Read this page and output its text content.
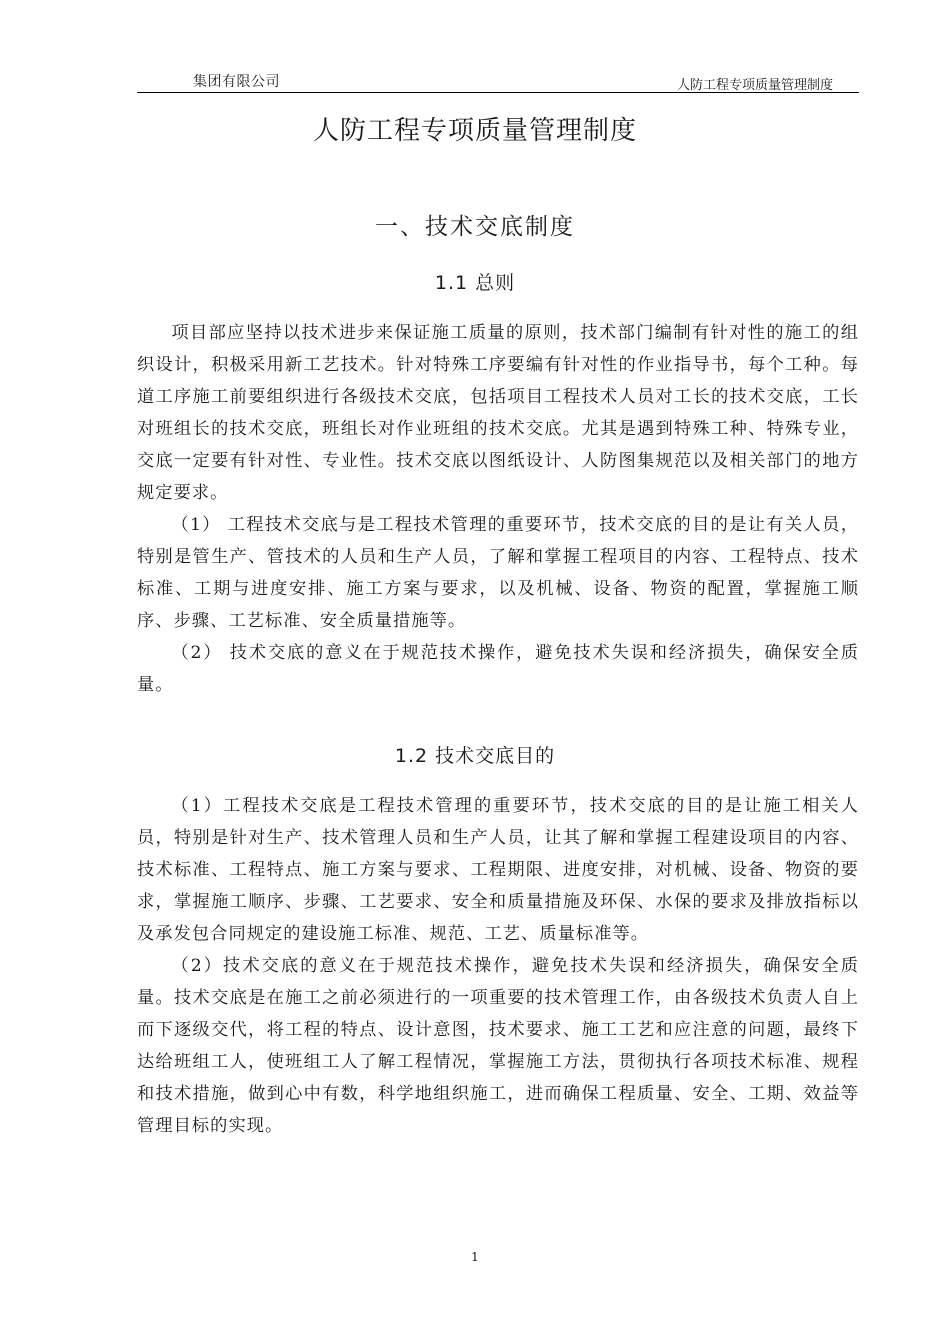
集团有限公司	人防工程专项质量管理制度
人防工程专项质量管理制度
一、技术交底制度
1.1 总则

项目部应坚持以技术进步来保证施工质量的原则，技术部门编制有针对性的施工的组织设计，积极采用新工艺技术。针对特殊工序要编有针对性的作业指导书，每个工种。每道工序施工前要组织进行各级技术交底，包括项目工程技术人员对工长的技术交底，工长对班组长的技术交底，班组长对作业班组的技术交底。尤其是遇到特殊工种、特殊专业，交底一定要有针对性、专业性。技术交底以图纸设计、人防图集规范以及相关部门的地方规定要求。

（1） 工程技术交底与是工程技术管理的重要环节，技术交底的目的是让有关人员，特别是管生产、管技术的人员和生产人员，了解和掌握工程项目的内容、工程特点、技术标准、工期与进度安排、施工方案与要求，以及机械、设备、物资的配置，掌握施工顺序、步骤、工艺标准、安全质量措施等。

（2） 技术交底的意义在于规范技术操作，避免技术失误和经济损失，确保安全质量。

1.2 技术交底目的

（1）工程技术交底是工程技术管理的重要环节，技术交底的目的是让施工相关人员，特别是针对生产、技术管理人员和生产人员，让其了解和掌握工程建设项目的内容、技术标准、工程特点、施工方案与要求、工程期限、进度安排，对机械、设备、物资的要求，掌握施工顺序、步骤、工艺要求、安全和质量措施及环保、水保的要求及排放指标以及承发包合同规定的建设施工标准、规范、工艺、质量标准等。

（2）技术交底的意义在于规范技术操作，避免技术失误和经济损失，确保安全质量。技术交底是在施工之前必须进行的一项重要的技术管理工作，由各级技术负责人自上而下逐级交代，将工程的特点、设计意图，技术要求、施工工艺和应注意的问题，最终下达给班组工人，使班组工人了解工程情况，掌握施工方法，贯彻执行各项技术标准、规程和技术措施，做到心中有数，科学地组织施工，进而确保工程质量、安全、工期、效益等管理目标的实现。

1
